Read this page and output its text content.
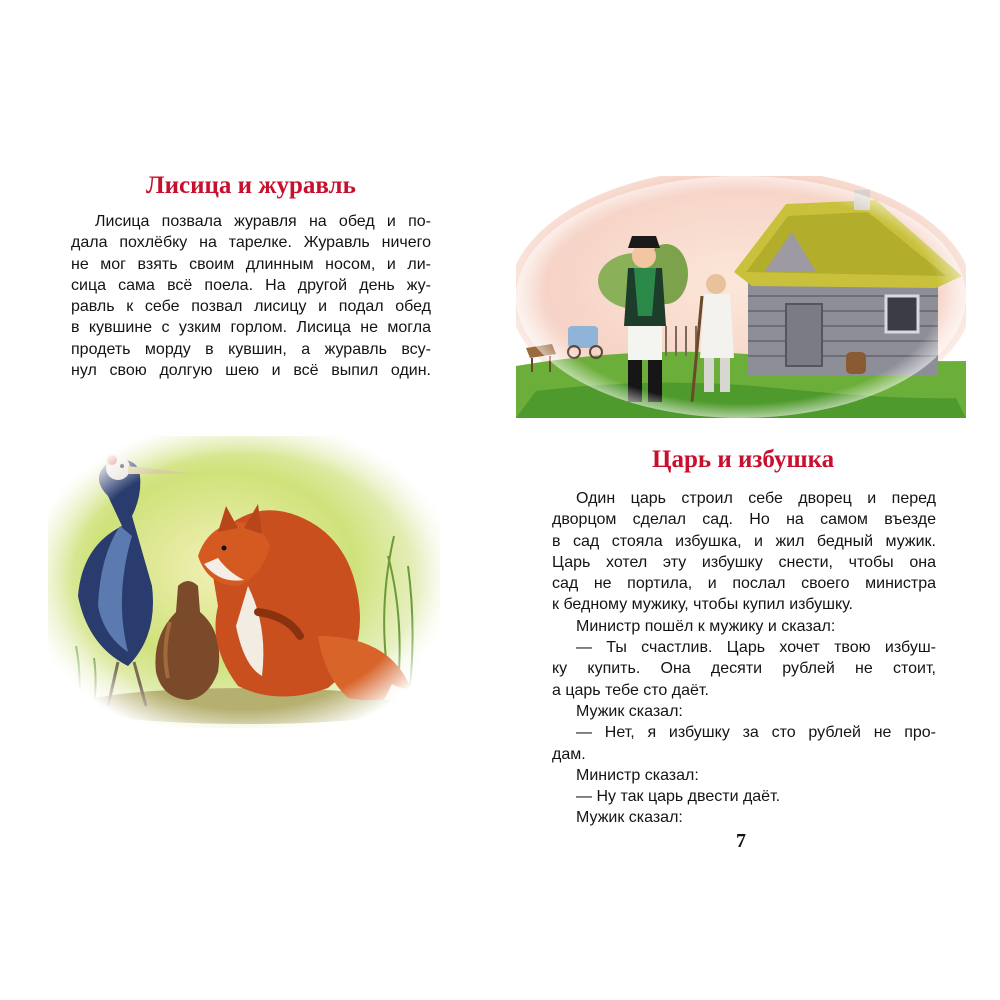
Лисица и журавль

Лисица позвала журавля на обед и по-

дала похлёбку на тарелке. Журавль ничего

не мог взять своим длинным носом, и ли-

сица сама всё поела. На другой день жу-

равль к себе позвал лисицу и подал обед

в кувшине с узким горлом. Лисица не могла

продеть морду в кувшин, а журавль всу-

нул свою долгую шею и всё выпил один.

Царь и избушка

Один царь строил себе дворец и перед

дворцом сделал сад. Но на самом въезде

в сад стояла избушка, и жил бедный мужик.

Царь хотел эту избушку снести, чтобы она

сад не портила, и послал своего министра

к бедному мужику, чтобы купил избушку.

Министр пошёл к мужику и сказал:

— Ты счастлив. Царь хочет твою избуш-

ку купить. Она десяти рублей не стоит,

а царь тебе сто даёт.

Мужик сказал:

— Нет, я избушку за сто рублей не про-

дам.

Министр сказал:

— Ну так царь двести даёт.

Мужик сказал:

7
